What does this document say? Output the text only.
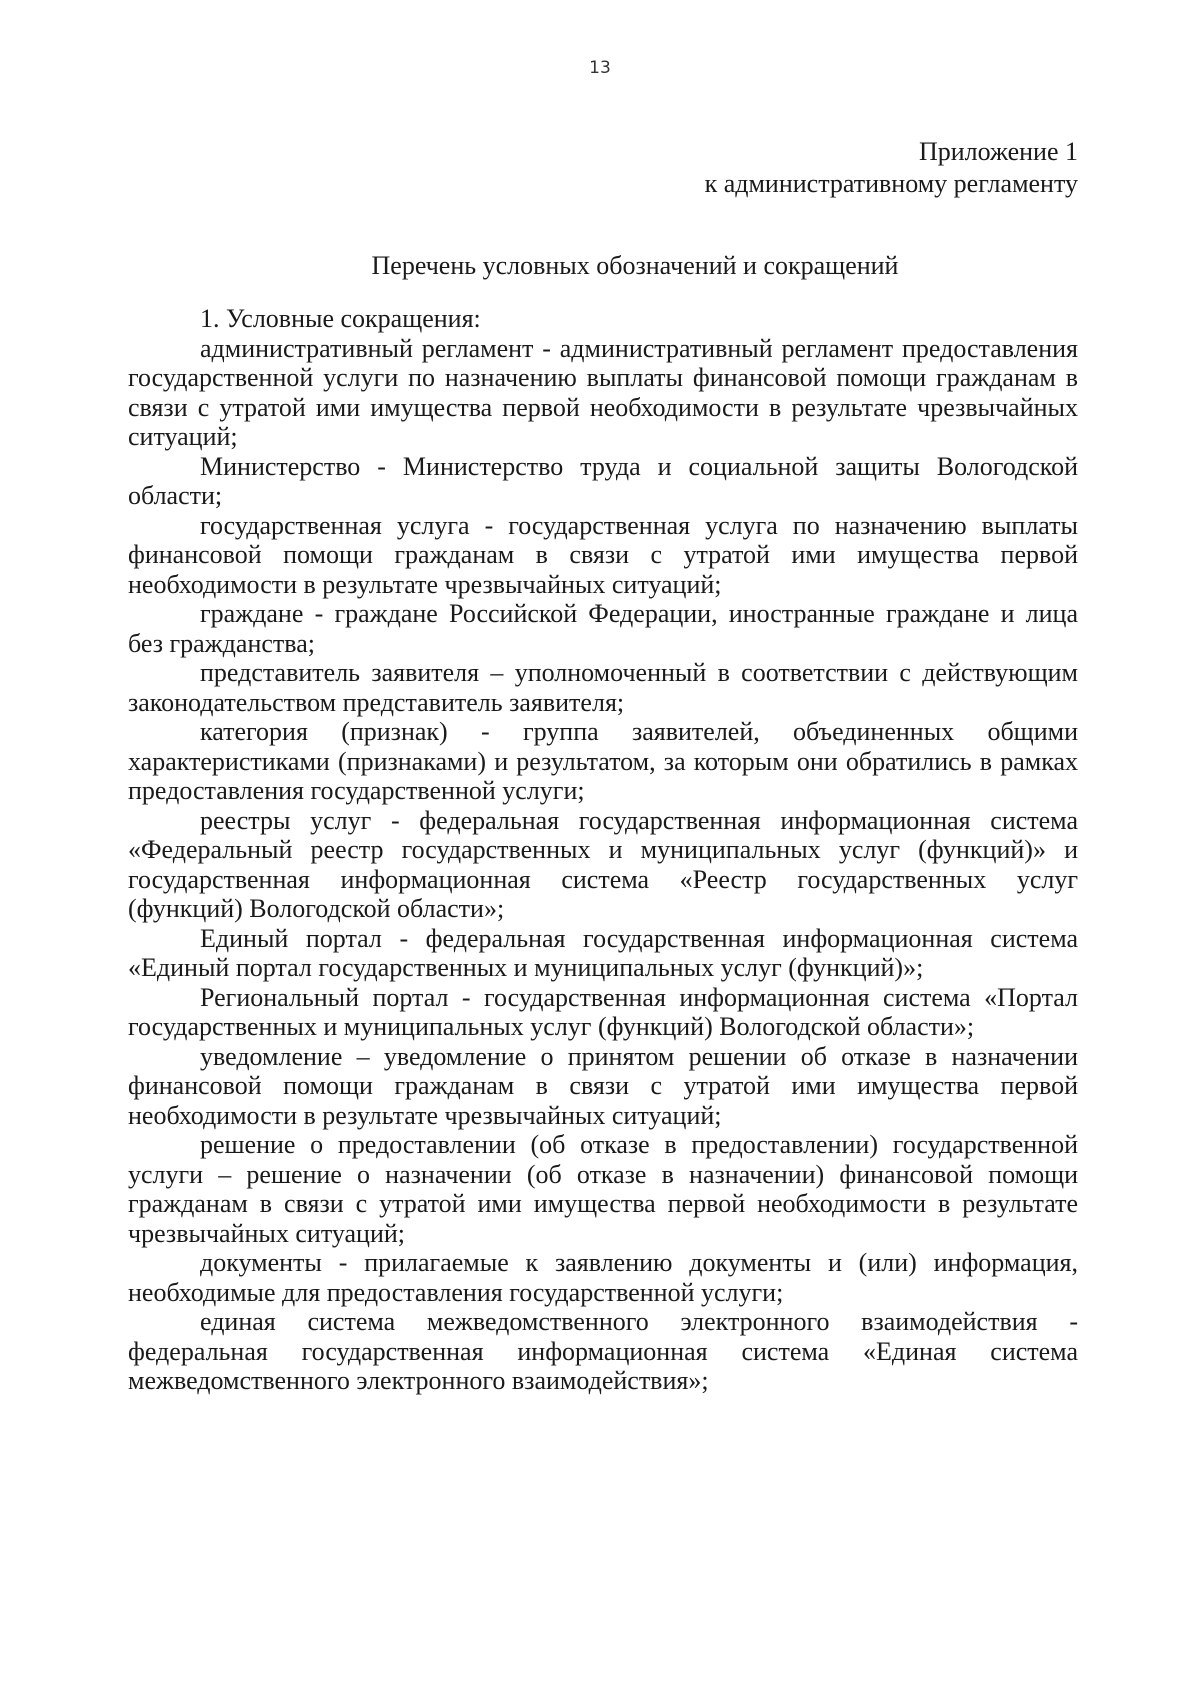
13
Приложение 1
к административному регламенту
Перечень условных обозначений и сокращений

1. Условные сокращения:

административный регламент - административный регламент предоставления государственной услуги по назначению выплаты финансовой помощи гражданам в связи с утратой ими имущества первой необходимости в результате чрезвычайных ситуаций;

Министерство - Министерство труда и социальной защиты Вологодской области;

государственная услуга - государственная услуга по назначению выплаты финансовой помощи гражданам в связи с утратой ими имущества первой необходимости в результате чрезвычайных ситуаций;

граждане - граждане Российской Федерации, иностранные граждане и лица без гражданства;

представитель заявителя – уполномоченный в соответствии с действующим законодательством представитель заявителя;

категория (признак) - группа заявителей, объединенных общими характеристиками (признаками) и результатом, за которым они обратились в рамках предоставления государственной услуги;

реестры услуг - федеральная государственная информационная система «Федеральный реестр государственных и муниципальных услуг (функций)» и государственная информационная система «Реестр государственных услуг (функций) Вологодской области»;

Единый портал - федеральная государственная информационная система «Единый портал государственных и муниципальных услуг (функций)»;

Региональный портал - государственная информационная система «Портал государственных и муниципальных услуг (функций) Вологодской области»;

уведомление – уведомление о принятом решении об отказе в назначении финансовой помощи гражданам в связи с утратой ими имущества первой необходимости в результате чрезвычайных ситуаций;

решение о предоставлении (об отказе в предоставлении) государственной услуги – решение о назначении (об отказе в назначении) финансовой помощи гражданам в связи с утратой ими имущества первой необходимости в результате чрезвычайных ситуаций;

документы - прилагаемые к заявлению документы и (или) информация, необходимые для предоставления государственной услуги;

единая система межведомственного электронного взаимодействия - федеральная государственная информационная система «Единая система межведомственного электронного взаимодействия»;
